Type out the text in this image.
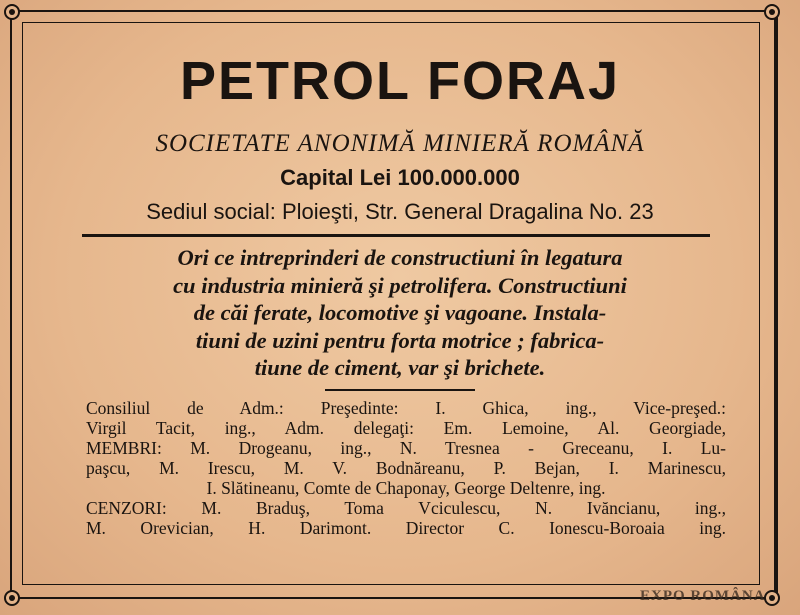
PETROL FORAJ
SOCIETATE ANONIMĂ MINIERĂ ROMÂNĂ
Capital Lei 100.000.000
Sediul social: Ploieşti, Str. General Dragalina No. 23
Ori ce intreprinderi de constructiuni în legatura
cu industria minieră şi petrolifera. Constructiuni
de căi ferate, locomotive şi vagoane. Instala-
tiuni de uzini pentru forta motrice ; fabrica-
tiune de ciment, var şi brichete.
Consiliul de Adm.: Preşedinte: I. Ghica, ing., Vice-preşed.:
Virgil Tacit, ing., Adm. delegaţi: Em. Lemoine, Al. Georgiade,
MEMBRI: M. Drogeanu, ing., N. Tresnea - Greceanu, I. Lu-
paşcu, M. Irescu, M. V. Bodnăreanu, P. Bejan, I. Marinescu,
I. Slătineanu, Comte de Chaponay, George Deltenre, ing.
CENZORI: M. Braduş, Toma Vciculescu, N. Ivăncianu, ing.,
M. Orevician, H. Darimont. Director C. Ionescu-Boroaia ing.
EXPO ROMÂNA
